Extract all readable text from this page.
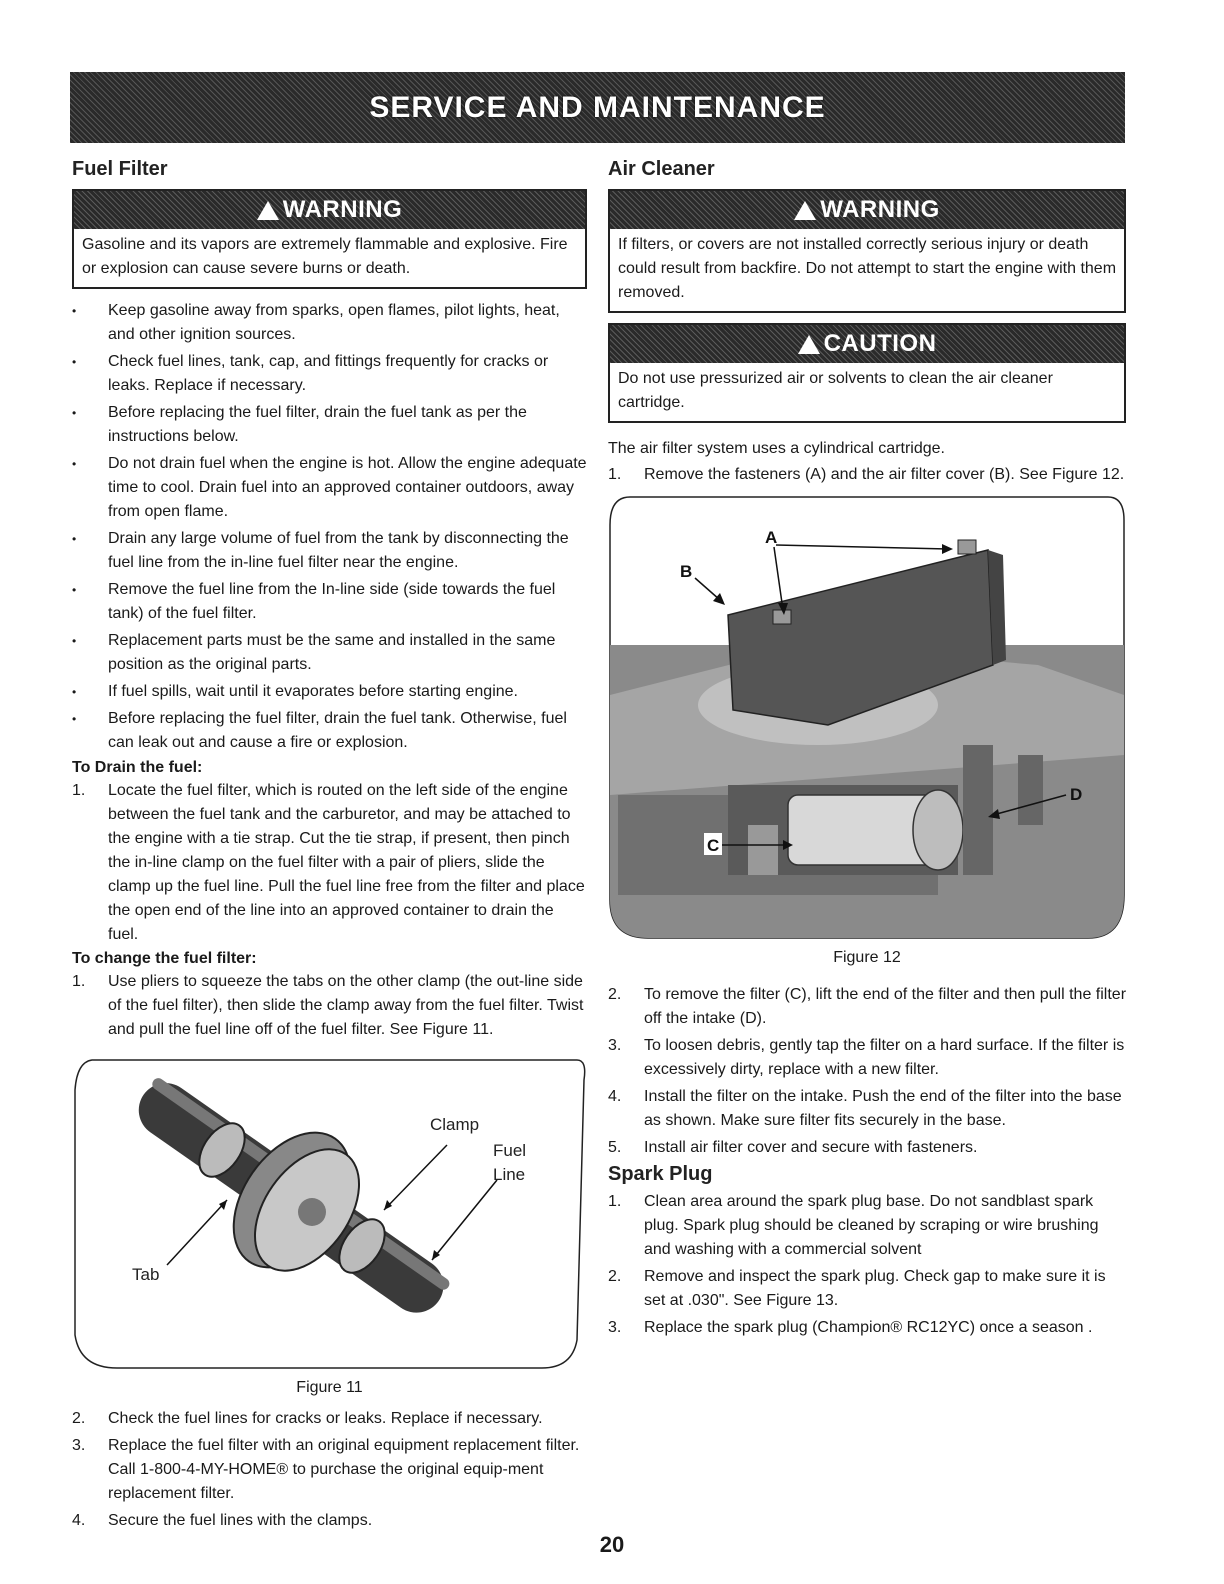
SERVICE AND MAINTENANCE
Fuel Filter
WARNING
Gasoline and its vapors are extremely flammable and explosive. Fire or explosion can cause severe burns or death.
• Keep gasoline away from sparks, open flames, pilot lights, heat, and other ignition sources.
• Check fuel lines, tank, cap, and fittings frequently for cracks or leaks. Replace if necessary.
• Before replacing the fuel filter, drain the fuel tank as per the instructions below.
• Do not drain fuel when the engine is hot. Allow the engine adequate time to cool. Drain fuel into an approved container outdoors, away from open flame.
• Drain any large volume of fuel from the tank by disconnecting the fuel line from the in-line fuel filter near the engine.
• Remove the fuel line from the In-line side (side towards the fuel tank) of the fuel filter.
• Replacement parts must be the same and installed in the same position as the original parts.
• If fuel spills, wait until it evaporates before starting engine.
• Before replacing the fuel filter, drain the fuel tank. Otherwise, fuel can leak out and cause a fire or explosion.
To Drain the fuel:
1. Locate the fuel filter, which is routed on the left side of the engine between the fuel tank and the carburetor, and may be attached to the engine with a tie strap. Cut the tie strap, if present, then pinch the in-line clamp on the fuel filter with a pair of pliers, slide the clamp up the fuel line. Pull the fuel line free from the filter and place the open end of the line into an approved container to drain the fuel.
To change the fuel filter:
1. Use pliers to squeeze the tabs on the other clamp (the out-line side of the fuel filter), then slide the clamp away from the fuel filter. Twist and pull the fuel line off of the fuel filter. See Figure 11.
Clamp
Fuel
Line
Tab
Figure 11
2. Check the fuel lines for cracks or leaks. Replace if necessary.
3. Replace the fuel filter with an original equipment replacement filter. Call 1-800-4-MY-HOME® to purchase the original equip-ment replacement filter.
4. Secure the fuel lines with the clamps.
Air Cleaner
WARNING
If filters, or covers are not installed correctly serious injury or death could result from backfire. Do not attempt to start the engine with them removed.
CAUTION
Do not use pressurized air or solvents to clean the air cleaner cartridge.

The air filter system uses a cylindrical cartridge.

1. Remove the fasteners (A) and the air filter cover (B). See Figure 12.
A
B
C
D
Figure 12
2. To remove the filter (C), lift the end of the filter and then pull the filter off the intake (D).
3. To loosen debris, gently tap the filter on a hard surface. If the filter is excessively dirty, replace with a new filter.
4. Install the filter on the intake. Push the end of the filter into the base as shown. Make sure filter fits securely in the base.
5. Install air filter cover and secure with fasteners.
Spark Plug
1. Clean area around the spark plug base. Do not sandblast spark plug. Spark plug should be cleaned by scraping or wire brushing and washing with a commercial solvent
2. Remove and inspect the spark plug. Check gap to make sure it is set at .030". See Figure 13.
3. Replace the spark plug (Champion® RC12YC) once a season .
20
